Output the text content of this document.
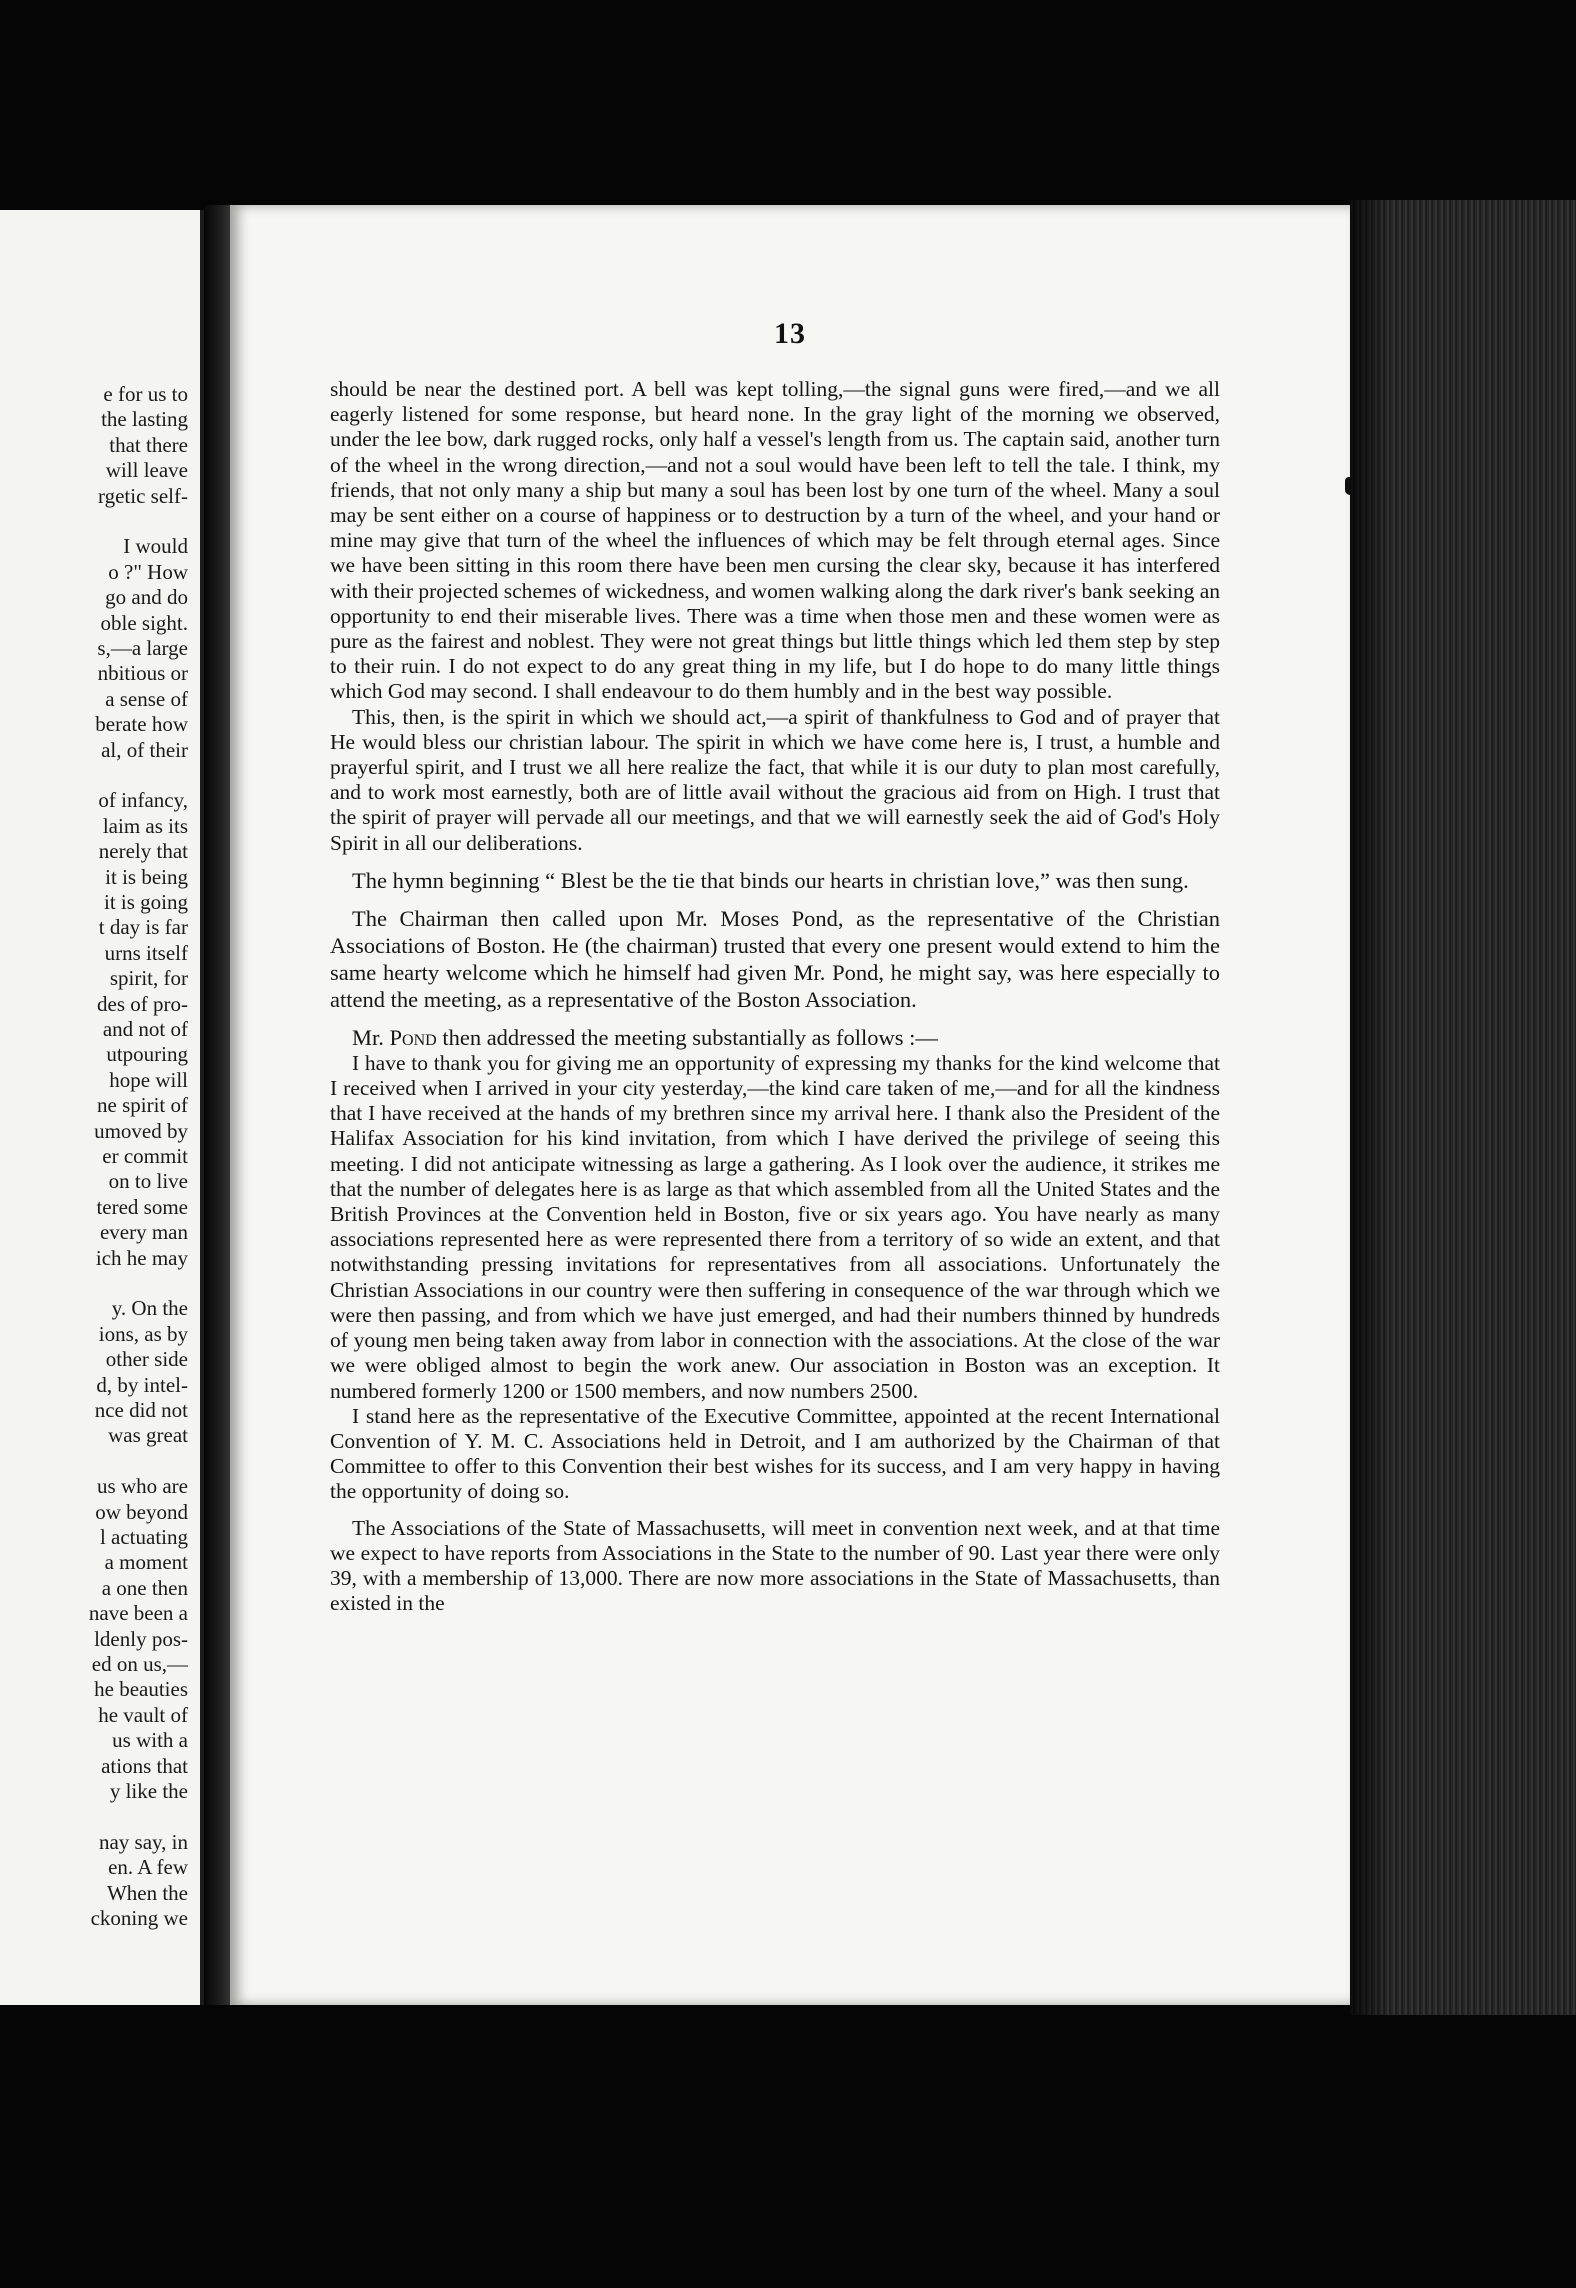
e for us to
the lasting
that there
will leave
rgetic self-
I would
o ?" How
go and do
oble sight.
s,—a large
nbitious or
a sense of
berate how
al, of their
of infancy,
laim as its
nerely that
it is being
it is going
t day is far
urns itself
spirit, for
des of pro-
and not of
utpouring
hope will
ne spirit of
umoved by
er commit
on to live
tered some
every man
ich he may
y. On the
ions, as by
other side
d, by intel-
nce did not
was great
us who are
ow beyond
l actuating
a moment
a one then
nave been a
ldenly pos-
ed on us,—
he beauties
he vault of
us with a
ations that
y like the
nay say, in
en. A few
When the
ckoning we
13

should be near the destined port. A bell was kept tolling,—the signal guns were fired,—and we all eagerly listened for some response, but heard none. In the gray light of the morning we observed, under the lee bow, dark rugged rocks, only half a vessel's length from us. The captain said, another turn of the wheel in the wrong direction,—and not a soul would have been left to tell the tale. I think, my friends, that not only many a ship but many a soul has been lost by one turn of the wheel. Many a soul may be sent either on a course of happiness or to destruction by a turn of the wheel, and your hand or mine may give that turn of the wheel the influences of which may be felt through eternal ages. Since we have been sitting in this room there have been men cursing the clear sky, because it has interfered with their projected schemes of wickedness, and women walking along the dark river's bank seeking an opportunity to end their miserable lives. There was a time when those men and these women were as pure as the fairest and noblest. They were not great things but little things which led them step by step to their ruin. I do not expect to do any great thing in my life, but I do hope to do many little things which God may second. I shall endeavour to do them humbly and in the best way possible.

This, then, is the spirit in which we should act,—a spirit of thankfulness to God and of prayer that He would bless our christian labour. The spirit in which we have come here is, I trust, a humble and prayerful spirit, and I trust we all here realize the fact, that while it is our duty to plan most carefully, and to work most earnestly, both are of little avail without the gracious aid from on High. I trust that the spirit of prayer will pervade all our meetings, and that we will earnestly seek the aid of God's Holy Spirit in all our deliberations.

The hymn beginning “ Blest be the tie that binds our hearts in christian love,” was then sung.

The Chairman then called upon Mr. Moses Pond, as the representative of the Christian Associations of Boston. He (the chairman) trusted that every one present would extend to him the same hearty welcome which he himself had given Mr. Pond, he might say, was here especially to attend the meeting, as a representative of the Boston Association.

Mr. Pond then addressed the meeting substantially as follows :—

I have to thank you for giving me an opportunity of expressing my thanks for the kind welcome that I received when I arrived in your city yesterday,—the kind care taken of me,—and for all the kindness that I have received at the hands of my brethren since my arrival here. I thank also the President of the Halifax Association for his kind invitation, from which I have derived the privilege of seeing this meeting. I did not anticipate witnessing as large a gathering. As I look over the audience, it strikes me that the number of delegates here is as large as that which assembled from all the United States and the British Provinces at the Convention held in Boston, five or six years ago. You have nearly as many associations represented here as were represented there from a territory of so wide an extent, and that notwithstanding pressing invitations for representatives from all associations. Unfortunately the Christian Associations in our country were then suffering in consequence of the war through which we were then passing, and from which we have just emerged, and had their numbers thinned by hundreds of young men being taken away from labor in connection with the associations. At the close of the war we were obliged almost to begin the work anew. Our association in Boston was an exception. It numbered formerly 1200 or 1500 members, and now numbers 2500.

I stand here as the representative of the Executive Committee, appointed at the recent International Convention of Y. M. C. Associations held in Detroit, and I am authorized by the Chairman of that Committee to offer to this Convention their best wishes for its success, and I am very happy in having the opportunity of doing so.

The Associations of the State of Massachusetts, will meet in convention next week, and at that time we expect to have reports from Associations in the State to the number of 90. Last year there were only 39, with a membership of 13,000. There are now more associations in the State of Massachusetts, than existed in the
